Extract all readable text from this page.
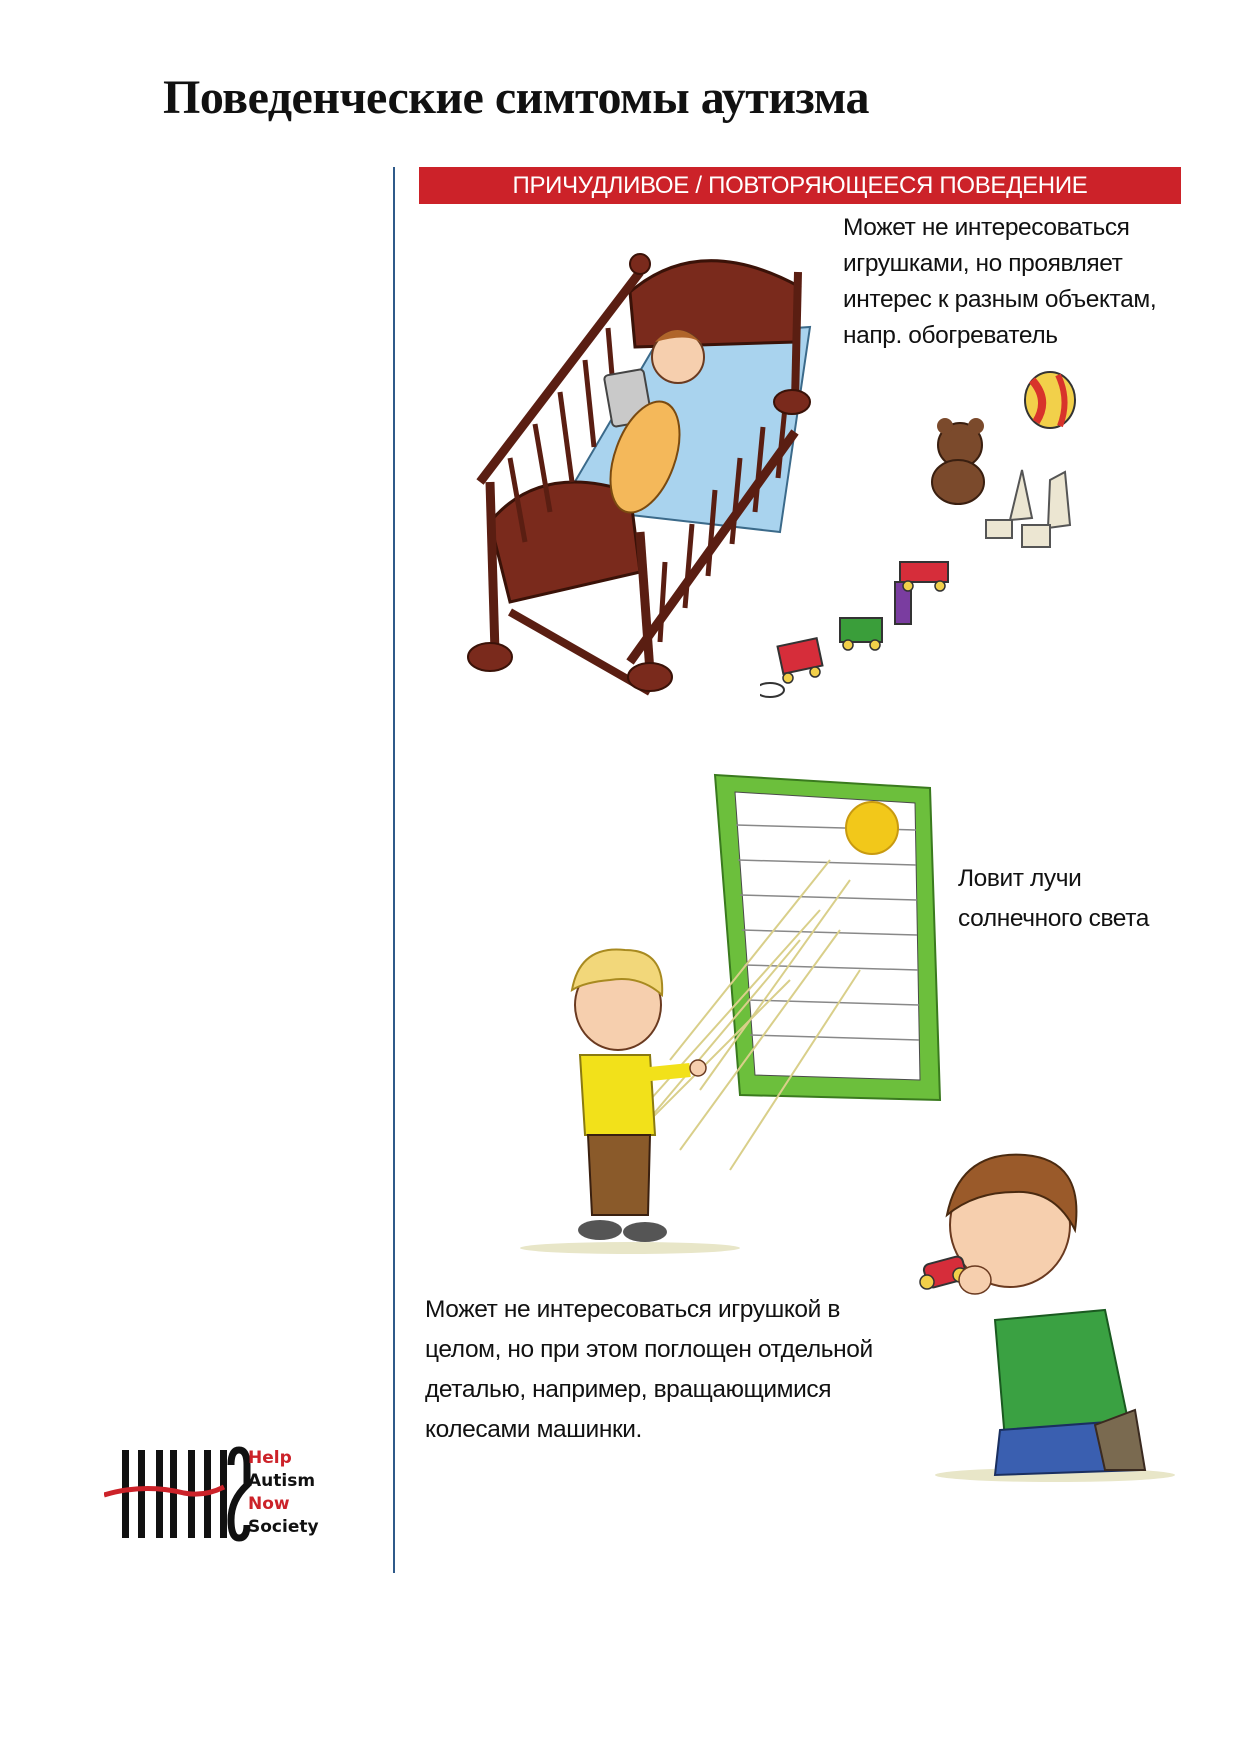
Поведенческие симтомы аутизма
ПРИЧУДЛИВОЕ / ПОВТОРЯЮЩЕЕСЯ ПОВЕДЕНИЕ
Может не интересоваться
игрушками, но проявляет
интерес к разным объектам,
напр. обогреватель
Ловит лучи
солнечного света
Может не интересоваться игрушкой в
целом, но при этом поглощен отдельной
деталью, например, вращающимися
колесами машинки.
Help
Autism
Now
Society
